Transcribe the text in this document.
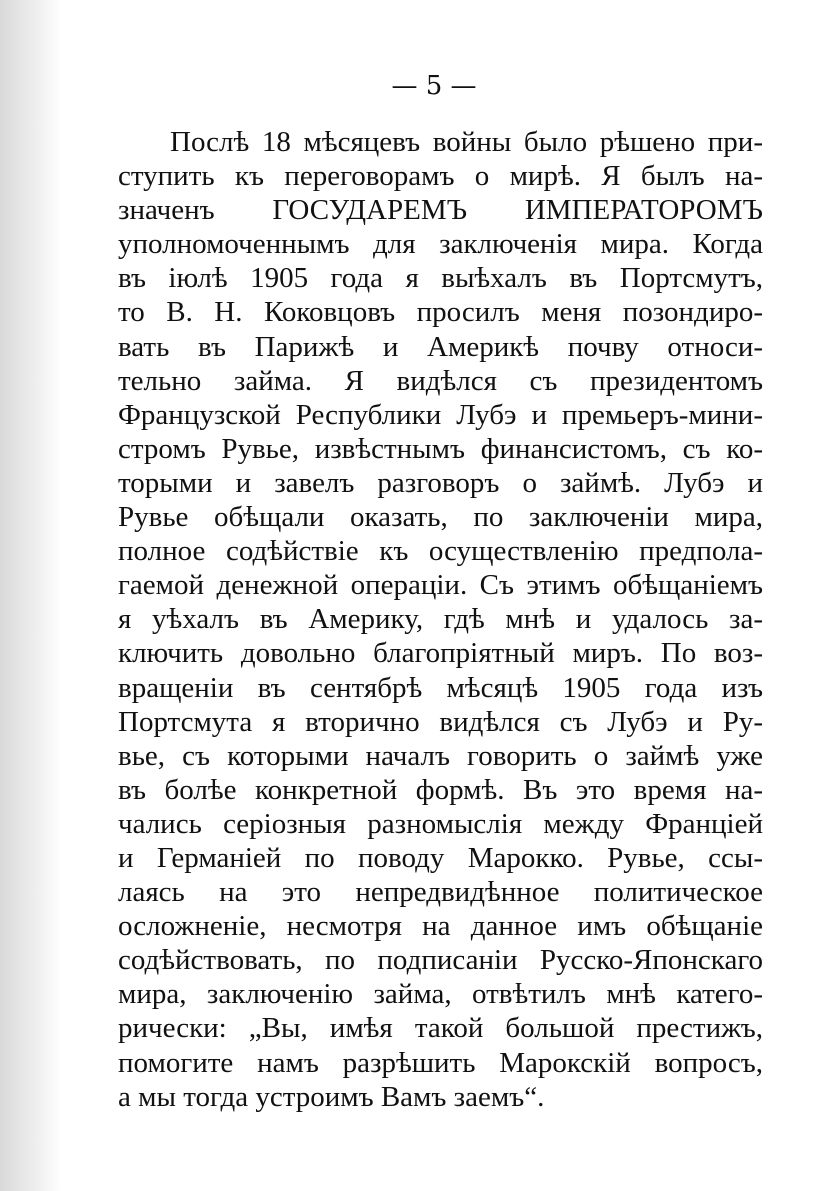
— 5 —
Послѣ 18 мѣсяцевъ войны было рѣшено при-
ступить къ переговорамъ о мирѣ. Я былъ на-
значенъ ГОСУДАРЕМЪ ИМПЕРАТОРОМЪ
уполномоченнымъ для заключенія мира. Когда
въ іюлѣ 1905 года я выѣхалъ въ Портсмутъ,
то В. Н. Коковцовъ просилъ меня позондиро-
вать въ Парижѣ и Америкѣ почву относи-
тельно займа. Я видѣлся съ президентомъ
Французской Республики Лубэ и премьеръ-мини-
стромъ Рувье, извѣстнымъ финансистомъ, съ ко-
торыми и завелъ разговоръ о займѣ. Лубэ и
Рувье обѣщали оказать, по заключеніи мира,
полное содѣйствіе къ осуществленію предпола-
гаемой денежной операціи. Съ этимъ обѣщаніемъ
я уѣхалъ въ Америку, гдѣ мнѣ и удалось за-
ключить довольно благопріятный миръ. По воз-
вращеніи въ сентябрѣ мѣсяцѣ 1905 года изъ
Портсмута я вторично видѣлся съ Лубэ и Ру-
вье, съ которыми началъ говорить о займѣ уже
въ болѣе конкретной формѣ. Въ это время на-
чались серіозныя разномыслія между Франціей
и Германіей по поводу Марокко. Рувье, ссы-
лаясь на это непредвидѣнное политическое
осложненіе, несмотря на данное имъ обѣщаніе
содѣйствовать, по подписаніи Русско-Японскаго
мира, заключенію займа, отвѣтилъ мнѣ катего-
рически: „Вы, имѣя такой большой престижъ,
помогите намъ разрѣшить Марокскій вопросъ,
а мы тогда устроимъ Вамъ заемъ“.
